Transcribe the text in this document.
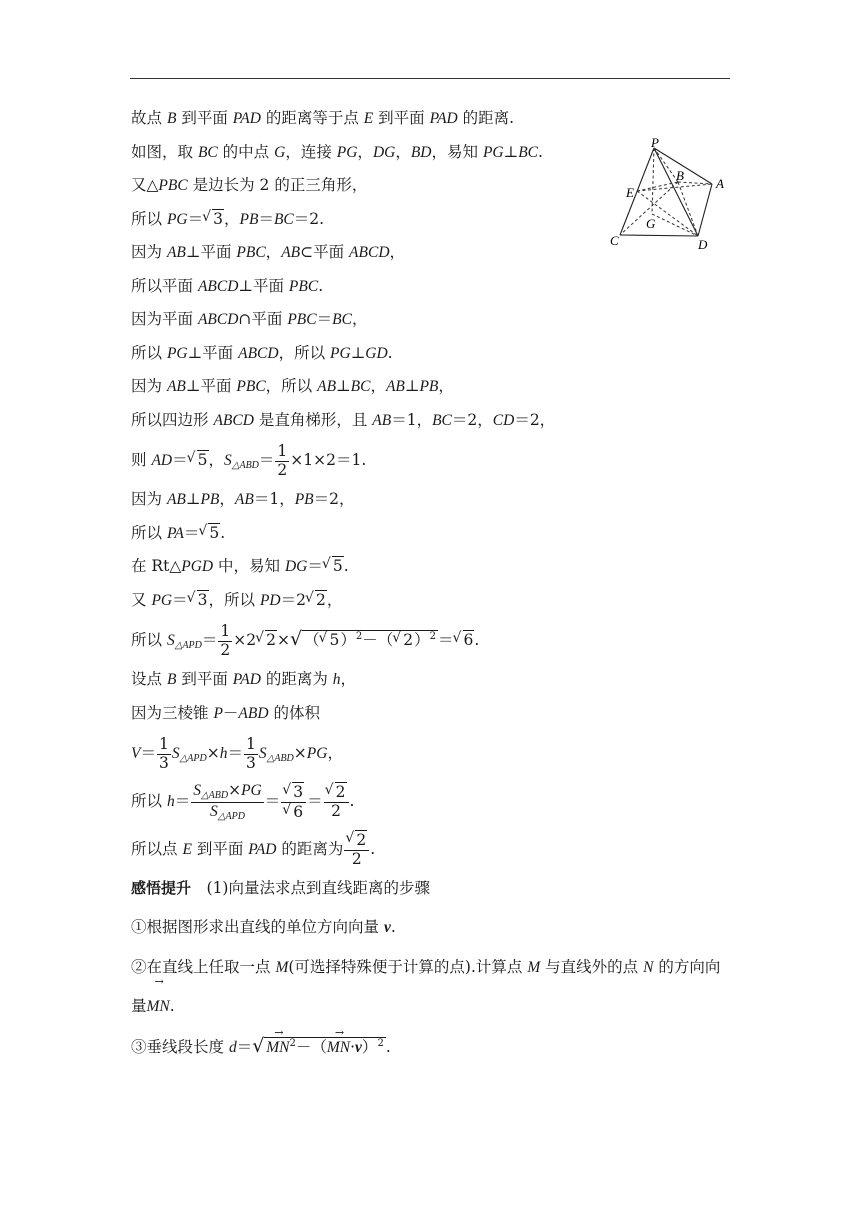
P
B
A
E
G
C	D
故点 B 到平面 PAD 的距离等于点 E 到平面 PAD 的距离.
如图，取 BC 的中点 G，连接 PG，DG，BD，易知 PG⊥BC.
又△PBC 是边长为 2 的正三角形，
所以 PG＝√ 3，PB＝BC＝2.
因为 AB⊥平面 PBC，AB⊂平面 ABCD，
所以平面 ABCD⊥平面 PBC.
因为平面 ABCD∩平面 PBC＝BC，
所以 PG⊥平面 ABCD，所以 PG⊥GD.
因为 AB⊥平面 PBC，所以 AB⊥BC，AB⊥PB，
所以四边形 ABCD 是直角梯形，且 AB＝1，BC＝2，CD＝2，
则 AD＝√ 5，$S_{\triangle ABD}= \frac{1}{2} \times 1\times 2=1$.
因为 AB⊥PB，AB＝1，PB＝2，
所以 PA＝√ 5.
在 Rt△PGD 中，易知 DG＝√ 5.
又 PG＝√ 3，所以 PD＝2√ 2，
所以 $S_{\triangle APD}= \frac{1}{2} \times 2√$ 2×√ （√ 5）$^2$－（√ 2）$^2$ ＝√ 6.
设点 B 到平面 PAD 的距离为 h，
因为三棱锥 P－ABD 的体积
$V= \frac{1}{3} S_{\triangle APD}\times h= \frac{1}{3} S_{\triangle ABD}\times PG$，
所以 $h= \frac{S_{\triangle ABD}\times PG}{S_{\triangle APD}}$ ＝
√ 3
√ 6 ＝
√ $\frac{2}{2}$ .
所以点 E 到平面 PAD 的距离为
√ $\frac{2}{2}$ .
感悟提升　(1)向量法求点到直线距离的步骤
①根据图形求出直线的单位方向向量 v.
②在直线上任取一点 M(可选择特殊便于计算的点).计算点 M 与直线外的点 N 的方向向量→ MN.
③垂线段长度 $d=√ \to MN^2-(\to MN\cdot v)^2$ .
